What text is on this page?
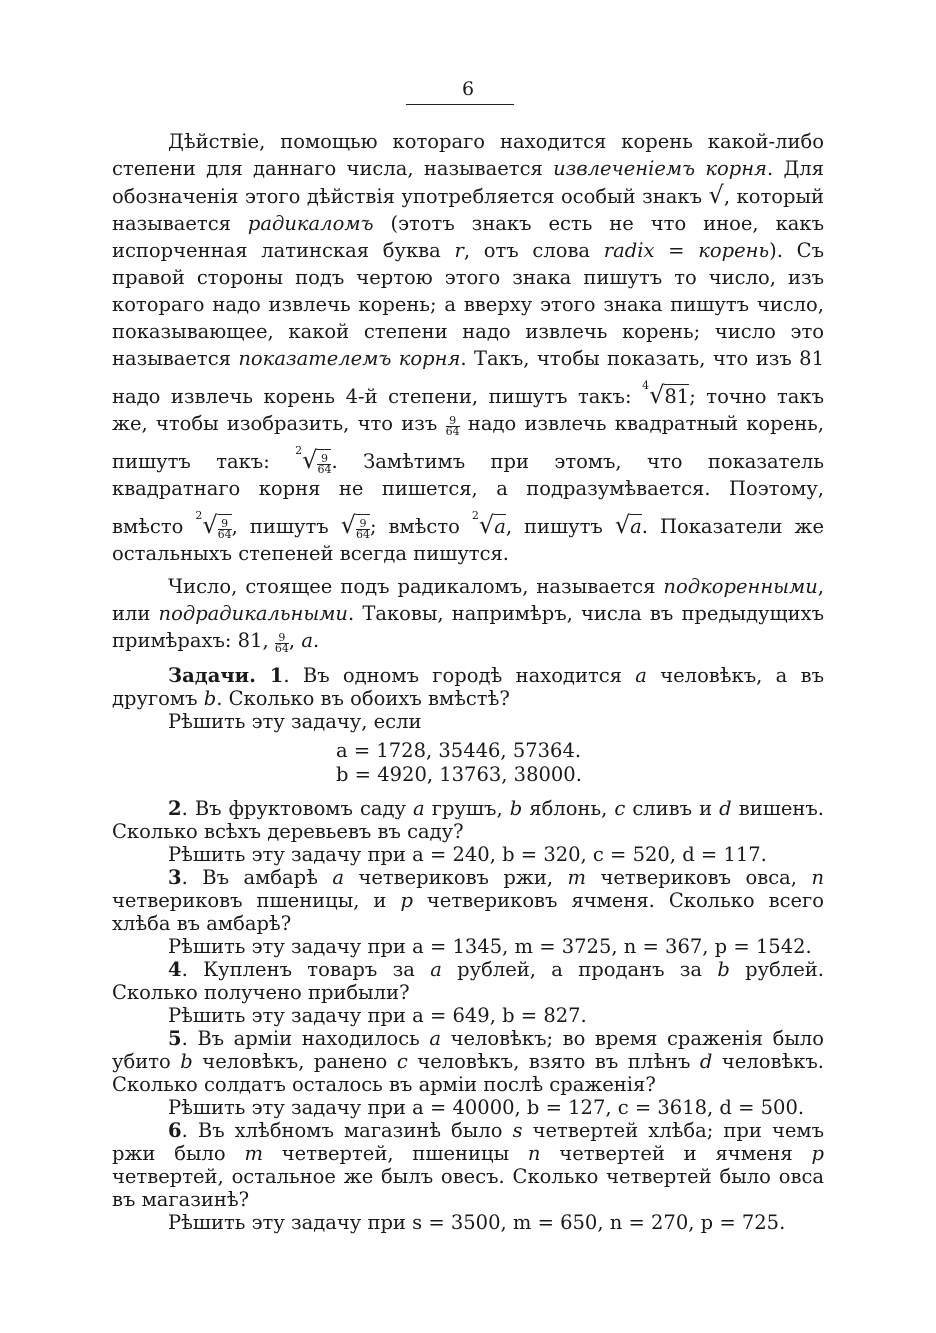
6

Дѣйствіе, помощью котораго находится корень какой-либо степени для даннаго числа, называется извлеченіемъ корня. Для обозначенія этого дѣйствія употребляется особый знакъ √, который называется радикаломъ (этотъ знакъ есть не что иное, какъ испорченная латинская буква r, отъ слова radix = корень). Съ правой стороны подъ чертою этого знака пишутъ то число, изъ котораго надо извлечь корень; а вверху этого знака пишутъ число, показывающее, какой степени надо извлечь корень; число это называется показателемъ корня. Такъ, чтобы показать, что изъ 81 надо извлечь корень 4-й степени, пишутъ такъ: $^4$√81; точно такъ же, чтобы изобразить, что изъ $\frac{9}{64}$ надо извлечь квадратный корень, пишутъ такъ: $^2√ \frac{9}{64}$ . Замѣтимъ при этомъ, что показатель квадратнаго корня не пишется, а подразумѣвается. Поэтому, вмѣсто $^2√ \frac{9}{64}$ , пишутъ √ $\frac{9}{64}$ ; вмѣсто $^2$√a, пишутъ √a. Показатели же остальныхъ степеней всегда пишутся.

Число, стоящее подъ радикаломъ, называется подкоренными, или подрадикальными. Таковы, напримѣръ, числа въ предыдущихъ примѣрахъ: 81, $\frac{9}{64}$ , a.

Задачи. 1. Въ одномъ городѣ находится a человѣкъ, а въ другомъ b. Сколько въ обоихъ вмѣстѣ?

Рѣшить эту задачу, если

a = 1728, 35446, 57364.
b = 4920, 13763, 38000.

2. Въ фруктовомъ саду a грушъ, b яблонь, c сливъ и d вишенъ. Сколько всѣхъ деревьевъ въ саду?

Рѣшить эту задачу при a = 240, b = 320, c = 520, d = 117.

3. Въ амбарѣ a четвериковъ ржи, m четвериковъ овса, n четвериковъ пшеницы, и p четвериковъ ячменя. Сколько всего хлѣба въ амбарѣ?

Рѣшить эту задачу при a = 1345, m = 3725, n = 367, p = 1542.

4. Купленъ товаръ за a рублей, а проданъ за b рублей. Сколько получено прибыли?

Рѣшить эту задачу при a = 649, b = 827.

5. Въ арміи находилось a человѣкъ; во время сраженія было убито b человѣкъ, ранено c человѣкъ, взято въ плѣнъ d человѣкъ. Сколько солдатъ осталось въ арміи послѣ сраженія?

Рѣшить эту задачу при a = 40000, b = 127, c = 3618, d = 500.

6. Въ хлѣбномъ магазинѣ было s четвертей хлѣба; при чемъ ржи было m четвертей, пшеницы n четвертей и ячменя p четвертей, остальное же былъ овесъ. Сколько четвертей было овса въ магазинѣ?

Рѣшить эту задачу при s = 3500, m = 650, n = 270, p = 725.
